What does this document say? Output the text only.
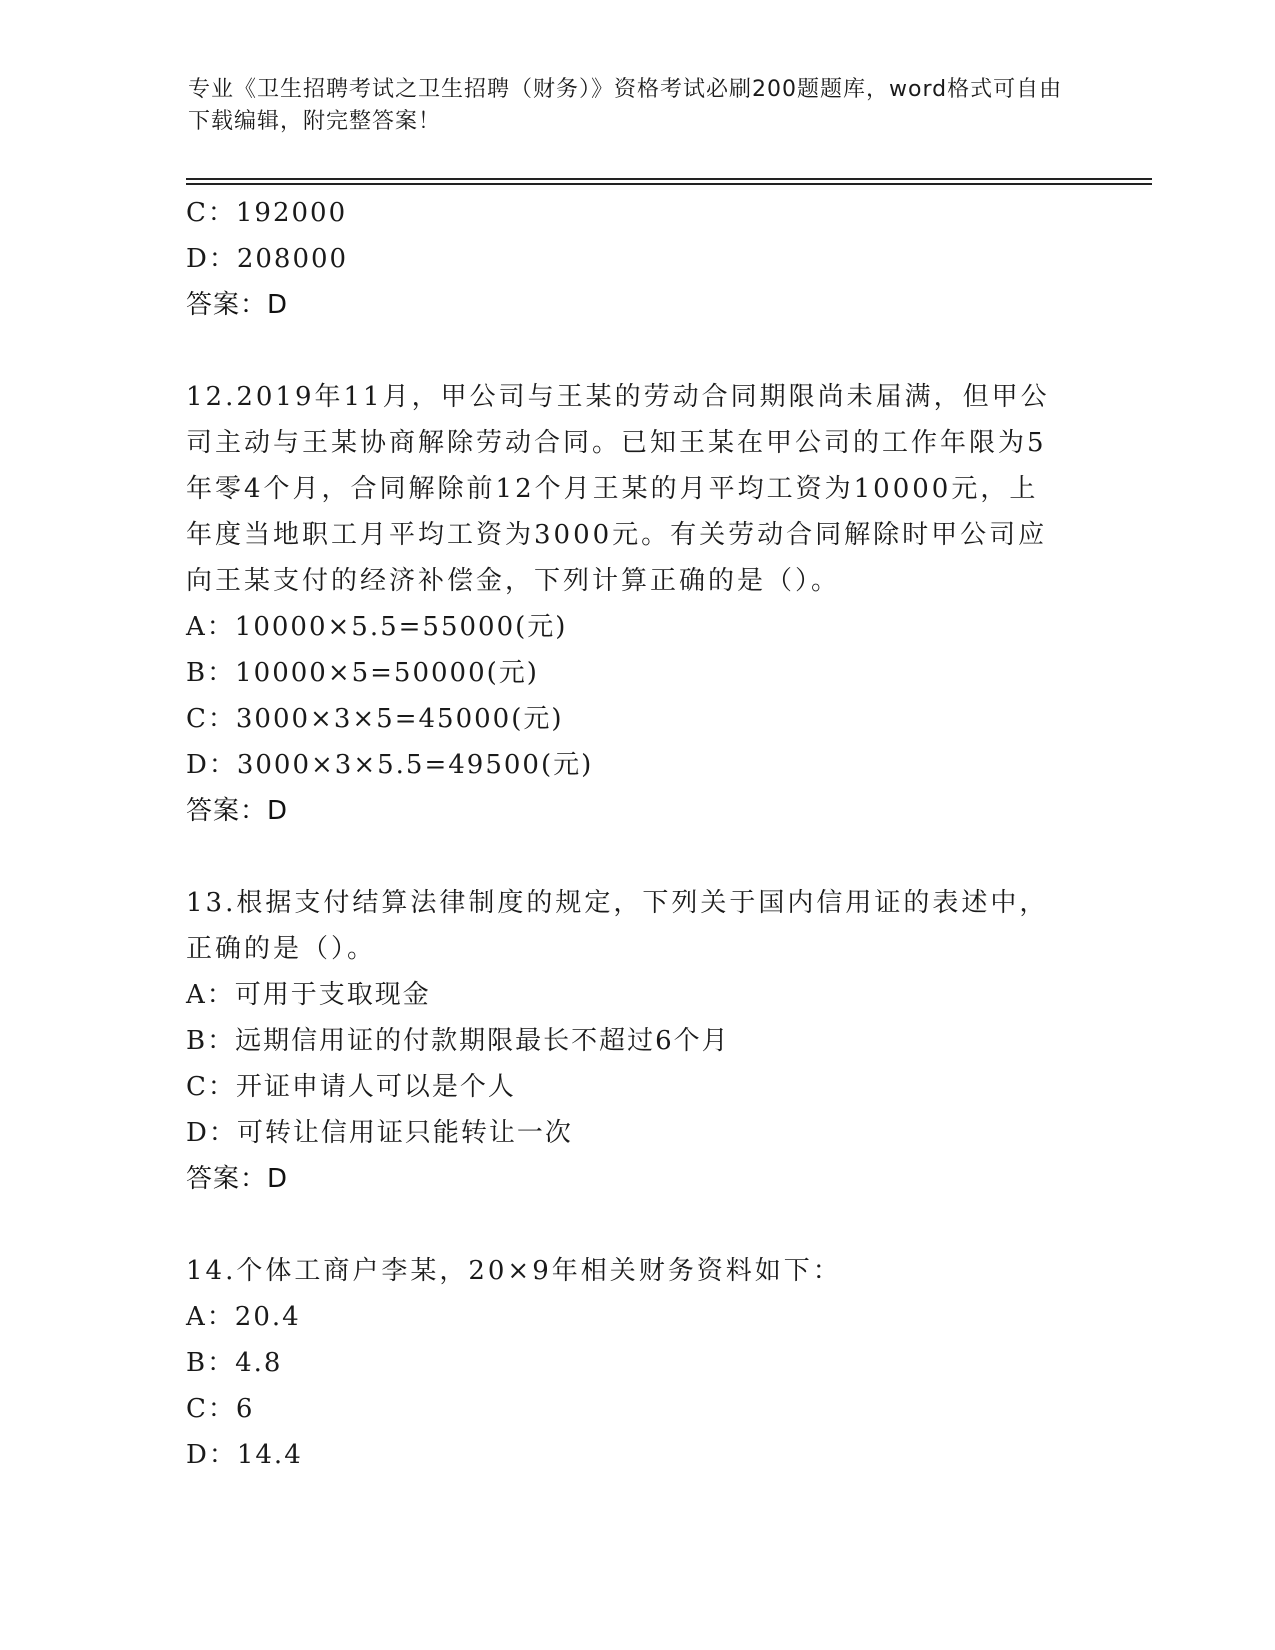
专业《卫生招聘考试之卫生招聘（财务）》资格考试必刷200题题库，word格式可自由下载编辑，附完整答案！
C：192000
D：208000
答案：D
12.2019年11月，甲公司与王某的劳动合同期限尚未届满，但甲公司主动与王某协商解除劳动合同。已知王某在甲公司的工作年限为5年零4个月，合同解除前12个月王某的月平均工资为10000元，上年度当地职工月平均工资为3000元。有关劳动合同解除时甲公司应向王某支付的经济补偿金，下列计算正确的是（）。
A：10000×5.5=55000(元)
B：10000×5=50000(元)
C：3000×3×5=45000(元)
D：3000×3×5.5=49500(元)
答案：D
13.根据支付结算法律制度的规定，下列关于国内信用证的表述中，正确的是（）。
A：可用于支取现金
B：远期信用证的付款期限最长不超过6个月
C：开证申请人可以是个人
D：可转让信用证只能转让一次
答案：D
14.个体工商户李某，20×9年相关财务资料如下：
A：20.4
B：4.8
C：6
D：14.4
